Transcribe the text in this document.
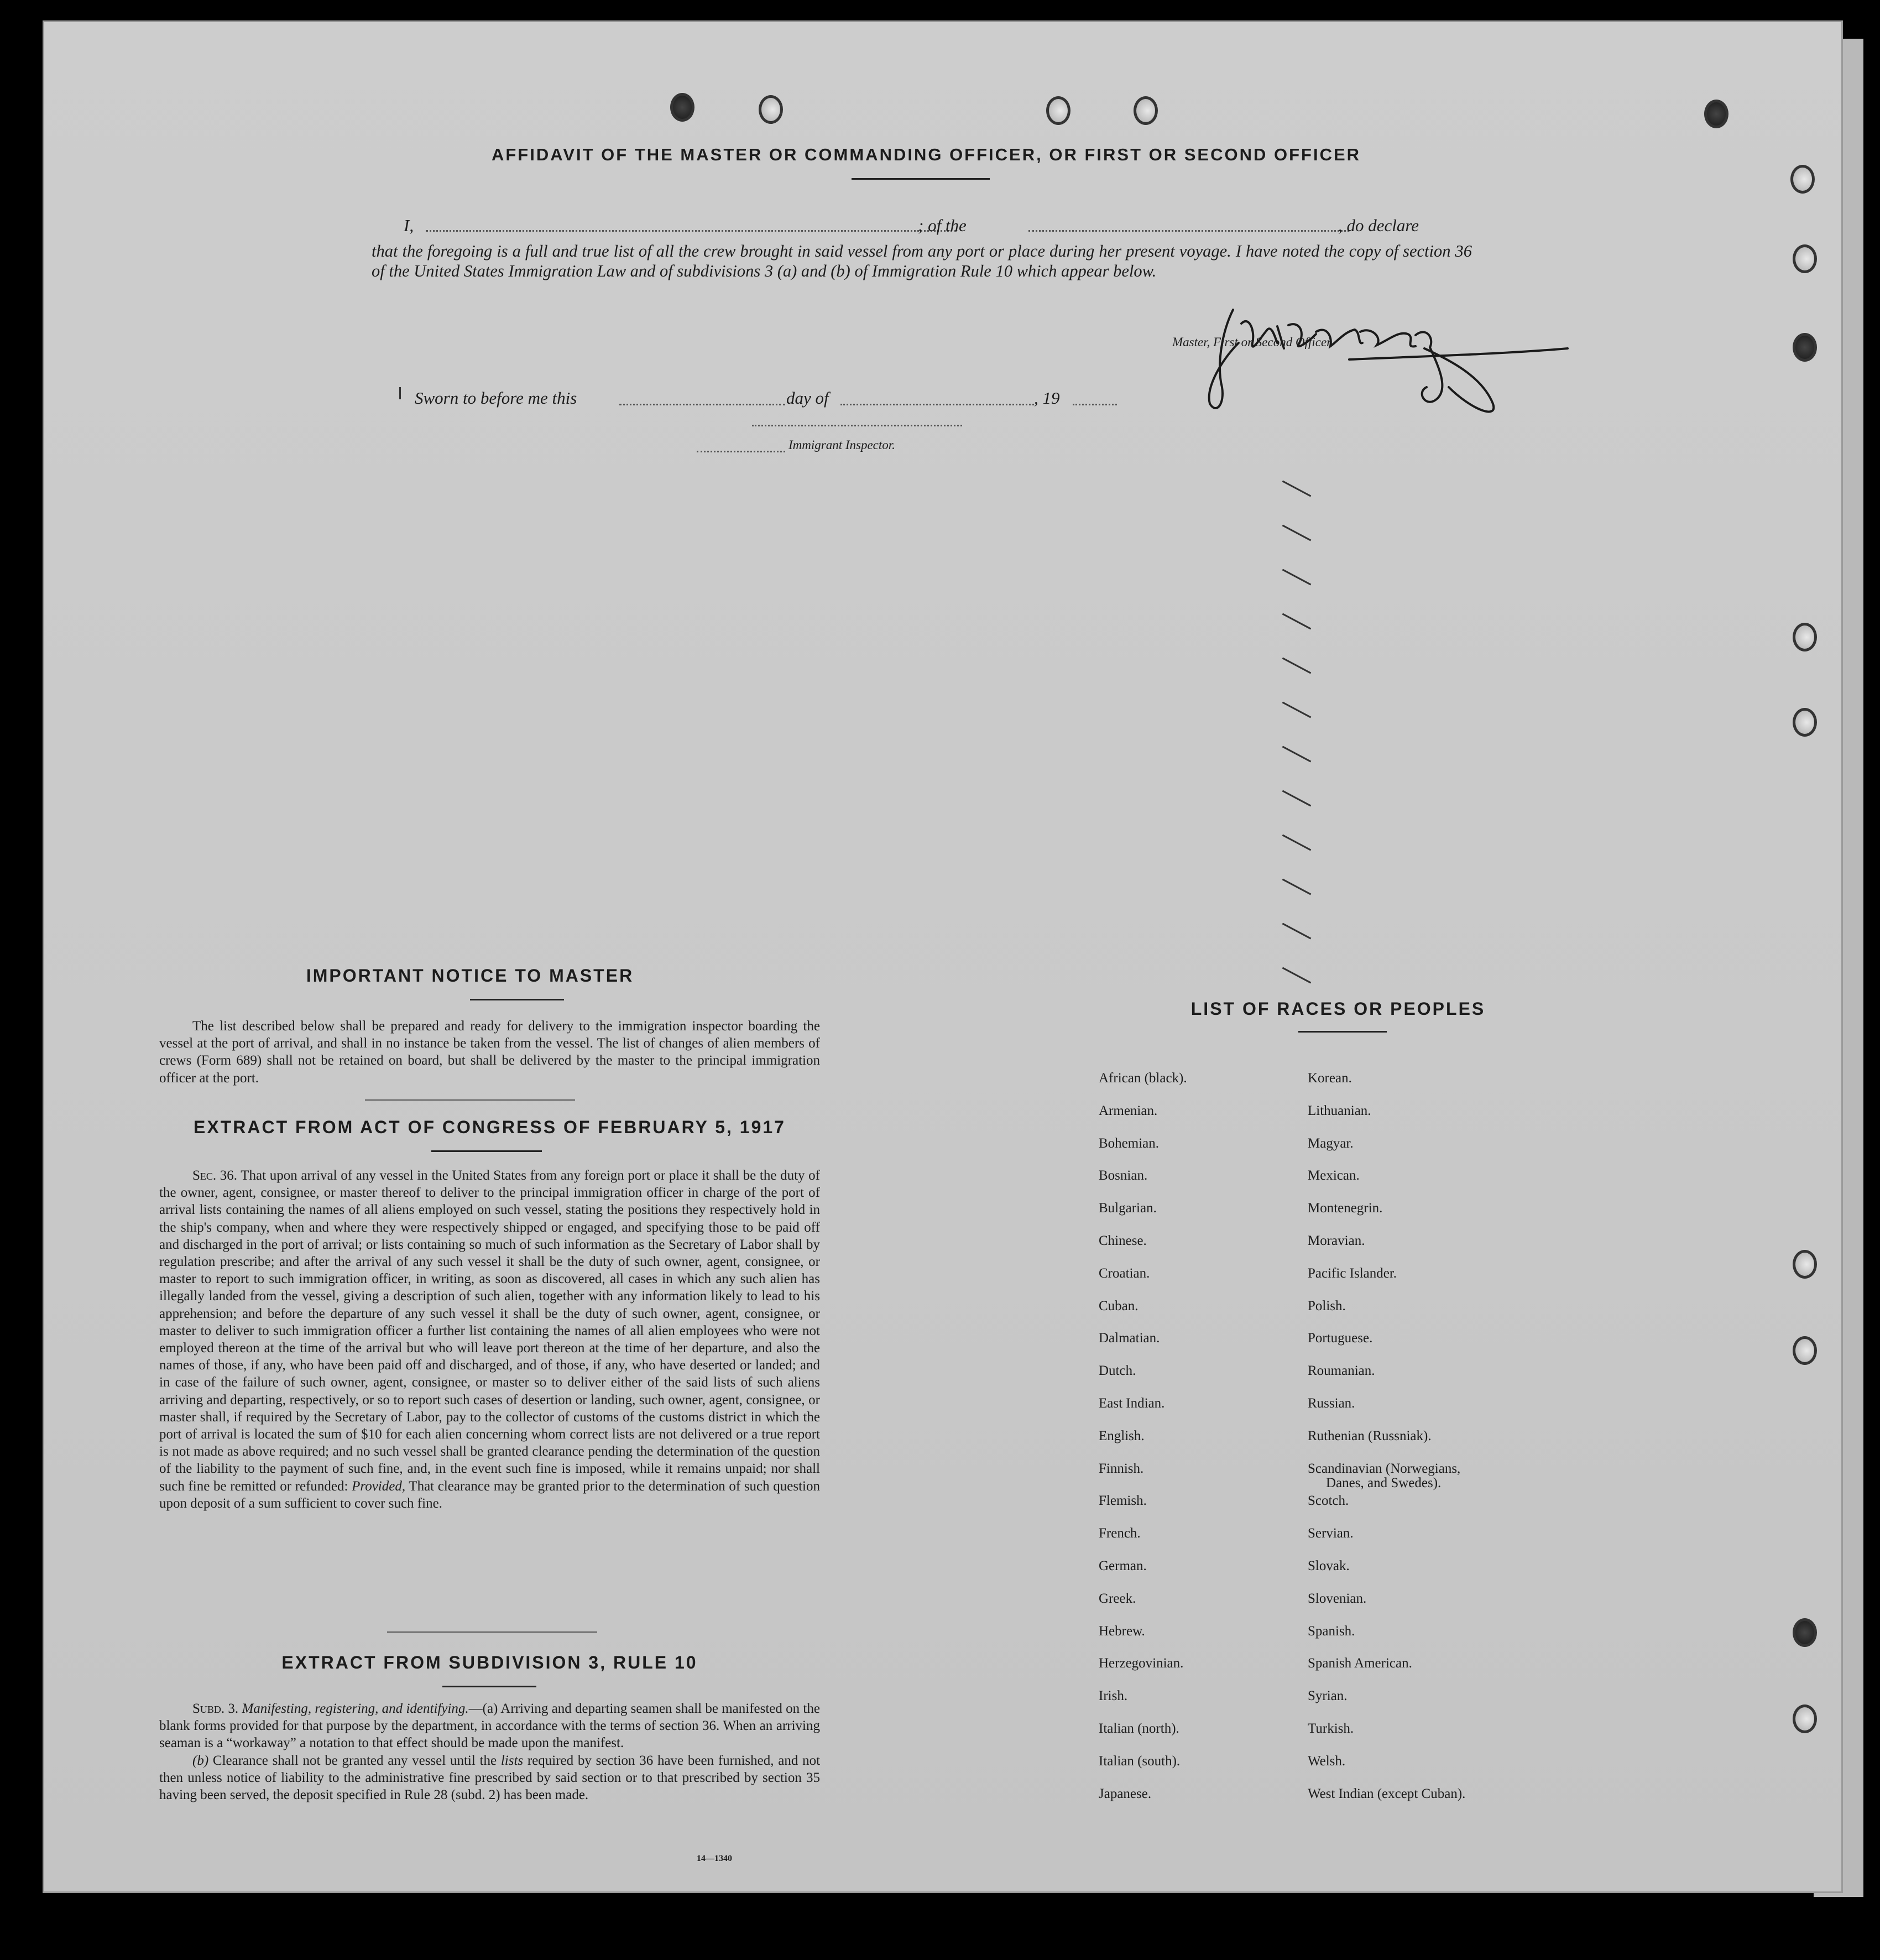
AFFIDAVIT OF THE MASTER OR COMMANDING OFFICER, OR FIRST OR SECOND OFFICER
I,	; of the	, do declare
that the foregoing is a full and true list of all the crew brought in said vessel from any port or place during her present voyage. I have noted the copy of section 36 of the United States Immigration Law and of subdivisions 3 (a) and (b) of Immigration Rule 10 which appear below.
Master, First or Second Officer.
Sworn to before me this	day of	, 19
Immigrant Inspector.
IMPORTANT NOTICE TO MASTER

The list described below shall be prepared and ready for delivery to the immigration inspector boarding the vessel at the port of arrival, and shall in no instance be taken from the vessel. The list of changes of alien members of crews (Form 689) shall not be retained on board, but shall be delivered by the master to the principal immigration officer at the port.

EXTRACT FROM ACT OF CONGRESS OF FEBRUARY 5, 1917

Sec. 36. That upon arrival of any vessel in the United States from any foreign port or place it shall be the duty of the owner, agent, consignee, or master thereof to deliver to the principal immigration officer in charge of the port of arrival lists containing the names of all aliens employed on such vessel, stating the positions they respectively hold in the ship's company, when and where they were respectively shipped or engaged, and specifying those to be paid off and discharged in the port of arrival; or lists containing so much of such information as the Secretary of Labor shall by regulation prescribe; and after the arrival of any such vessel it shall be the duty of such owner, agent, consignee, or master to report to such immigration officer, in writing, as soon as discovered, all cases in which any such alien has illegally landed from the vessel, giving a description of such alien, together with any information likely to lead to his apprehension; and before the departure of any such vessel it shall be the duty of such owner, agent, consignee, or master to deliver to such immigration officer a further list containing the names of all alien employees who were not employed thereon at the time of the arrival but who will leave port thereon at the time of her departure, and also the names of those, if any, who have been paid off and discharged, and of those, if any, who have deserted or landed; and in case of the failure of such owner, agent, consignee, or master so to deliver either of the said lists of such aliens arriving and departing, respectively, or so to report such cases of desertion or landing, such owner, agent, consignee, or master shall, if required by the Secretary of Labor, pay to the collector of customs of the customs district in which the port of arrival is located the sum of $10 for each alien concerning whom correct lists are not delivered or a true report is not made as above required; and no such vessel shall be granted clearance pending the determination of the question of the liability to the payment of such fine, and, in the event such fine is imposed, while it remains unpaid; nor shall such fine be remitted or refunded: Provided, That clearance may be granted prior to the determination of such question upon deposit of a sum sufficient to cover such fine.

EXTRACT FROM SUBDIVISION 3, RULE 10

Subd. 3. Manifesting, registering, and identifying.—(a) Arriving and departing seamen shall be manifested on the blank forms provided for that purpose by the department, in accordance with the terms of section 36. When an arriving seaman is a “workaway” a notation to that effect should be made upon the manifest.

(b) Clearance shall not be granted any vessel until the lists required by section 36 have been furnished, and not then unless notice of liability to the administrative fine prescribed by said section or to that prescribed by section 35 having been served, the deposit specified in Rule 28 (subd. 2) has been made.

14—1340
LIST OF RACES OR PEOPLES
African (black).
Armenian.
Bohemian.
Bosnian.
Bulgarian.
Chinese.
Croatian.
Cuban.
Dalmatian.
Dutch.
East Indian.
English.
Finnish.
Flemish.
French.
German.
Greek.
Hebrew.
Herzegovinian.
Irish.
Italian (north).
Italian (south).
Japanese.
Korean.
Lithuanian.
Magyar.
Mexican.
Montenegrin.
Moravian.
Pacific Islander.
Polish.
Portuguese.
Roumanian.
Russian.
Ruthenian (Russniak).
Scandinavian (Norwegians,
Scotch.
Servian.
Slovak.
Slovenian.
Spanish.
Spanish American.
Syrian.
Turkish.
Welsh.
West Indian (except Cuban).
Danes, and Swedes).
